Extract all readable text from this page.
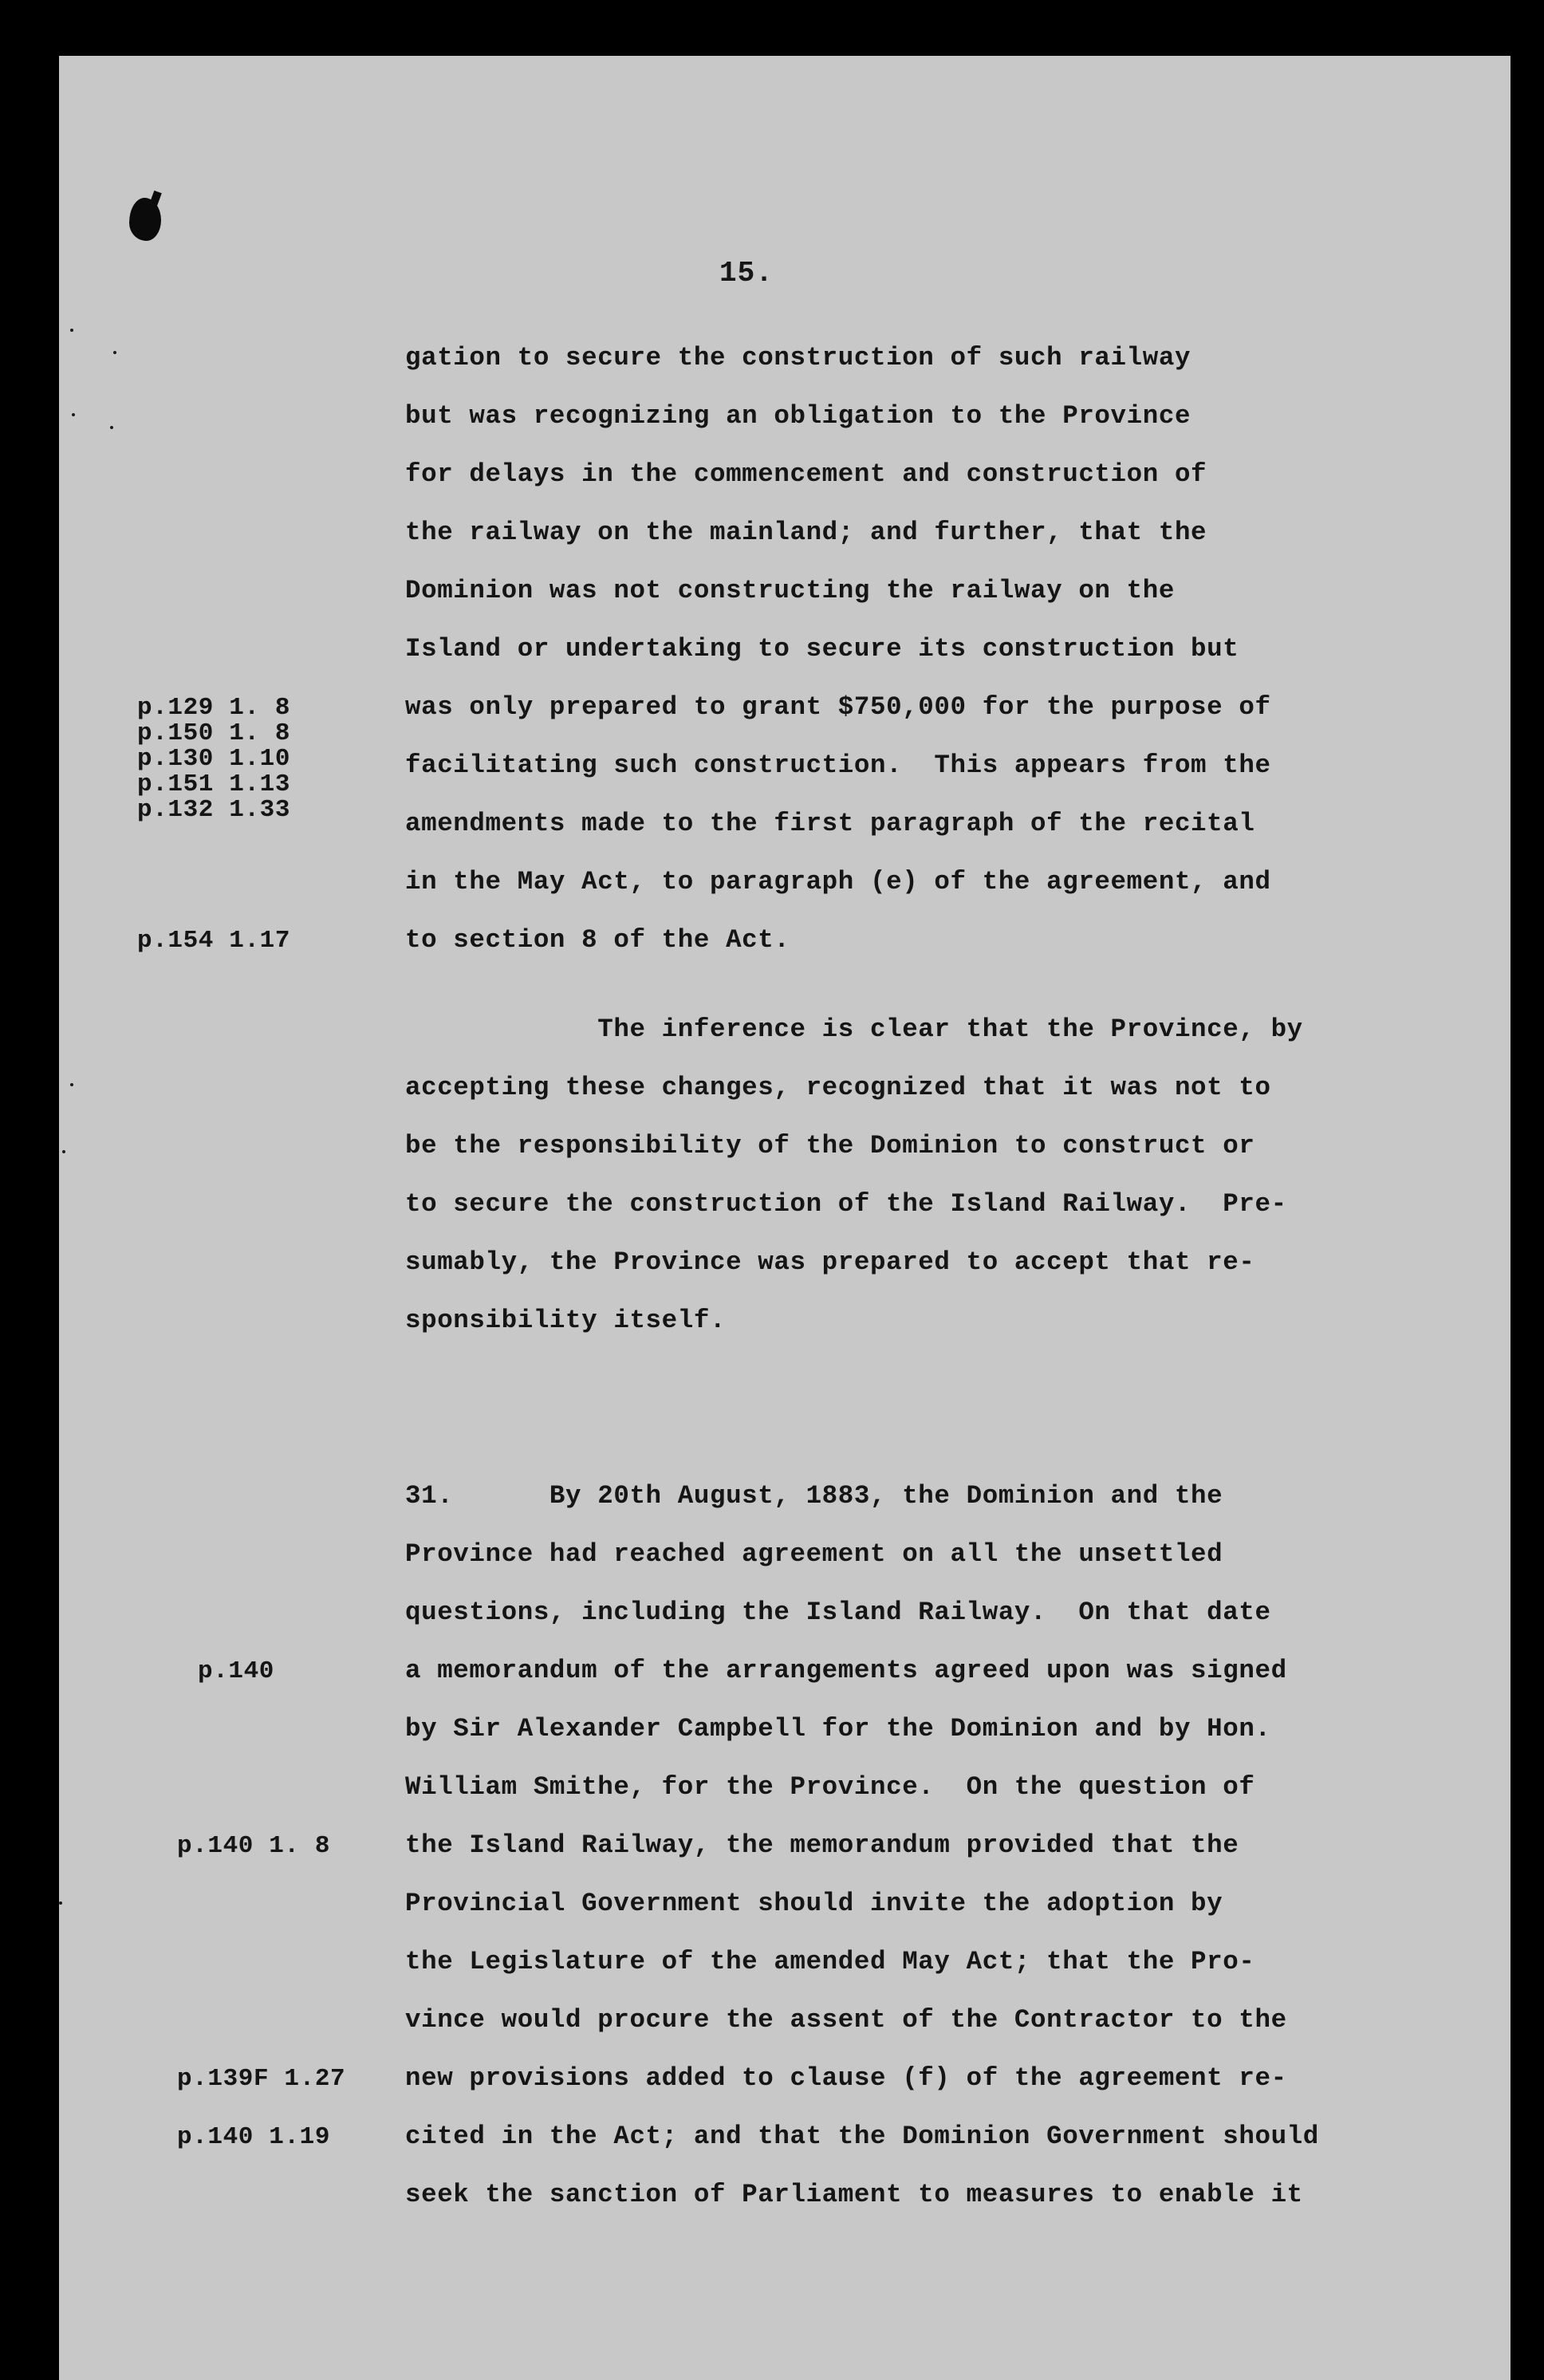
15.
gation to secure the construction of such railway
but was recognizing an obligation to the Province
for delays in the commencement and construction of
the railway on the mainland; and further, that the
Dominion was not constructing the railway on the
Island or undertaking to secure its construction but
was only prepared to grant $750,000 for the purpose of
facilitating such construction.  This appears from the
amendments made to the first paragraph of the recital
in the May Act, to paragraph (e) of the agreement, and
to section 8 of the Act.
The inference is clear that the Province, by
accepting these changes, recognized that it was not to
be the responsibility of the Dominion to construct or
to secure the construction of the Island Railway.  Pre-
sumably, the Province was prepared to accept that re-
sponsibility itself.
31.      By 20th August, 1883, the Dominion and the
Province had reached agreement on all the unsettled
questions, including the Island Railway.  On that date
a memorandum of the arrangements agreed upon was signed
by Sir Alexander Campbell for the Dominion and by Hon.
William Smithe, for the Province.  On the question of
the Island Railway, the memorandum provided that the
Provincial Government should invite the adoption by
the Legislature of the amended May Act; that the Pro-
vince would procure the assent of the Contractor to the
new provisions added to clause (f) of the agreement re-
cited in the Act; and that the Dominion Government should
seek the sanction of Parliament to measures to enable it
p.129 1. 8
p.150 1. 8
p.130 1.10
p.151 1.13
p.132 1.33
p.154 1.17
p.140
p.140 1. 8
p.139F 1.27
p.140 1.19
